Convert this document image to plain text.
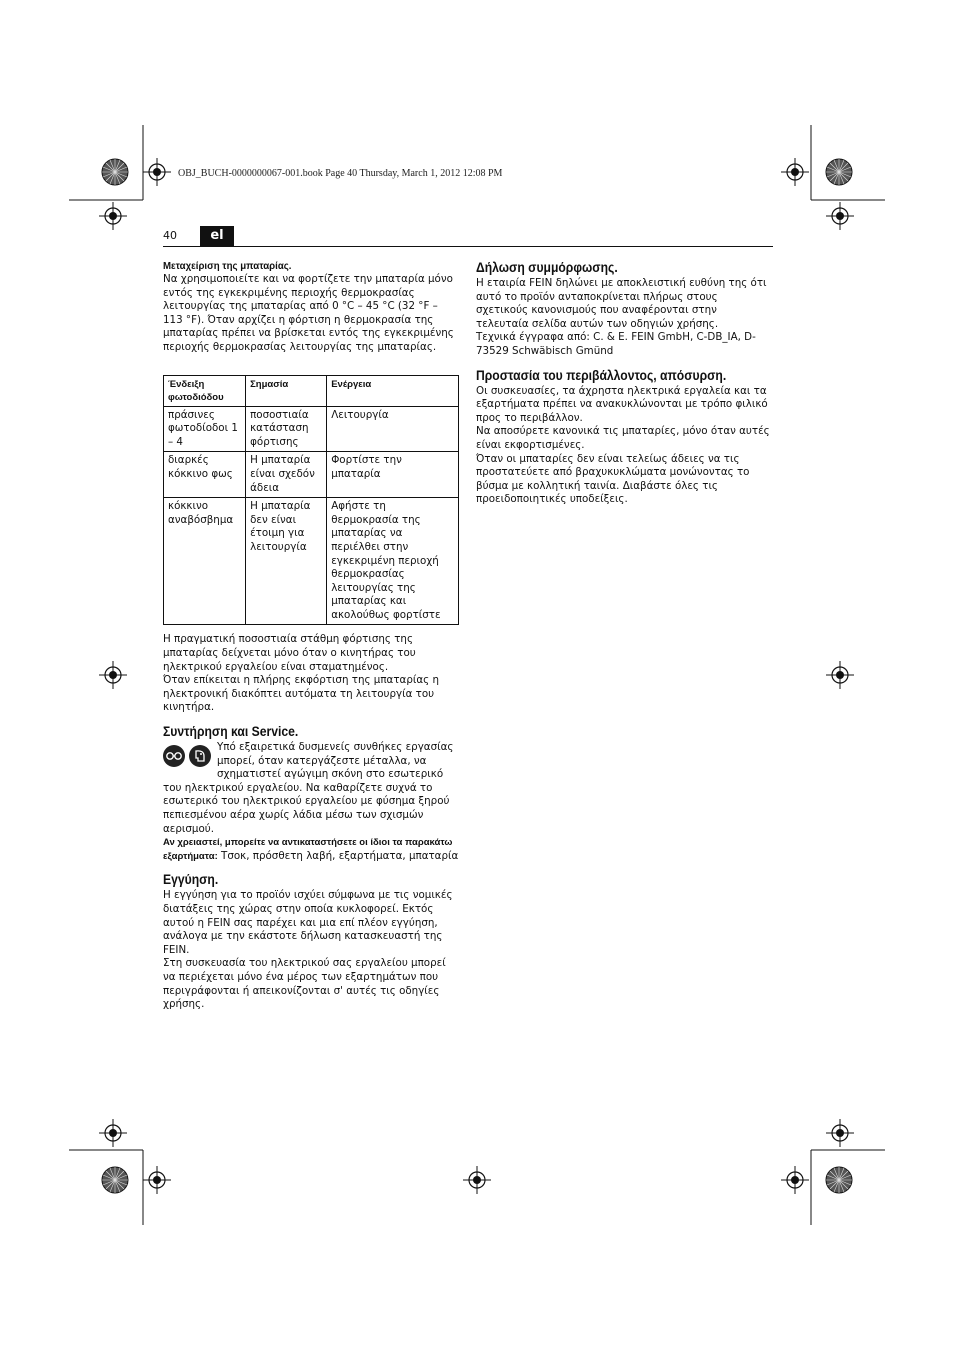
OBJ_BUCH-0000000067-001.book Page 40 Thursday, March 1, 2012 12:08 PM
40	el
Μεταχείριση της μπαταρίας.

Να χρησιμοποιείτε και να φορτίζετε την μπαταρία μόνο εντός της εγκεκριμένης περιοχής θερμοκρασίας λειτουργίας της μπαταρίας από 0 °C – 45 °C (32 °F – 113 °F). Όταν αρχίζει η φόρτιση η θερμοκρασία της μπαταρίας πρέπει να βρίσκεται εντός της εγκεκριμένης περιοχής θερμοκρασίας λειτουργίας της μπαταρίας.

Ένδειξη φωτοδιόδου	Σημασία	Ενέργεια
πράσινες φωτοδίοδοι 1 – 4	ποσοστιαία κατάσταση φόρτισης	Λειτουργία
διαρκές κόκκινο φως	Η μπαταρία είναι σχεδόν άδεια	Φορτίστε την μπαταρία
κόκκινο αναβόσβημα	Η μπαταρία δεν είναι έτοιμη για λειτουργία	Αφήστε τη θερμοκρασία της μπαταρίας να περιέλθει στην εγκεκριμένη περιοχή θερμοκρασίας λειτουργίας της μπαταρίας και ακολούθως φορτίστε

Η πραγματική ποσοστιαία στάθμη φόρτισης της μπαταρίας δείχνεται μόνο όταν ο κινητήρας του ηλεκτρικού εργαλείου είναι σταματημένος.

Όταν επίκειται η πλήρης εκφόρτιση της μπαταρίας η ηλεκτρονική διακόπτει αυτόματα τη λειτουργία του κινητήρα.

Συντήρηση και Service.

Υπό εξαιρετικά δυσμενείς συνθήκες εργασίας μπορεί, όταν κατεργάζεστε μέταλλα, να σχηματιστεί αγώγιμη σκόνη στο εσωτερικό του ηλεκτρικού εργαλείου. Να καθαρίζετε συχνά το εσωτερικό του ηλεκτρικού εργαλείου με φύσημα ξηρού πεπιεσμένου αέρα χωρίς λάδια μέσω των σχισμών αερισμού.

Αν χρειαστεί, μπορείτε να αντικαταστήσετε οι ίδιοι τα παρακάτω εξαρτήματα: Τσοκ, πρόσθετη λαβή, εξαρτήματα, μπαταρία

Εγγύηση.

Η εγγύηση για το προϊόν ισχύει σύμφωνα με τις νομικές διατάξεις της χώρας στην οποία κυκλοφορεί. Εκτός αυτού η FEIN σας παρέχει και μια επί πλέον εγγύηση, ανάλογα με την εκάστοτε δήλωση κατασκευαστή της FEIN.

Στη συσκευασία του ηλεκτρικού σας εργαλείου μπορεί να περιέχεται μόνο ένα μέρος των εξαρτημάτων που περιγράφονται ή απεικονίζονται σ' αυτές τις οδηγίες χρήσης.

Δήλωση συμμόρφωσης.

Η εταιρία FEIN δηλώνει με αποκλειστική ευθύνη της ότι αυτό το προϊόν ανταποκρίνεται πλήρως στους σχετικούς κανονισμούς που αναφέρονται στην τελευταία σελίδα αυτών των οδηγιών χρήσης.

Τεχνικά έγγραφα από: C. & E. FEIN GmbH, C-DB_IA, D-73529 Schwäbisch Gmünd

Προστασία του περιβάλλοντος, απόσυρση.

Οι συσκευασίες, τα άχρηστα ηλεκτρικά εργαλεία και τα εξαρτήματα πρέπει να ανακυκλώνονται με τρόπο φιλικό προς το περιβάλλον.

Να αποσύρετε κανονικά τις μπαταρίες, μόνο όταν αυτές είναι εκφορτισμένες.

Όταν οι μπαταρίες δεν είναι τελείως άδειες να τις προστατεύετε από βραχυκυκλώματα μονώνοντας το βύσμα με κολλητική ταινία. Διαβάστε όλες τις προειδοποιητικές υποδείξεις.
